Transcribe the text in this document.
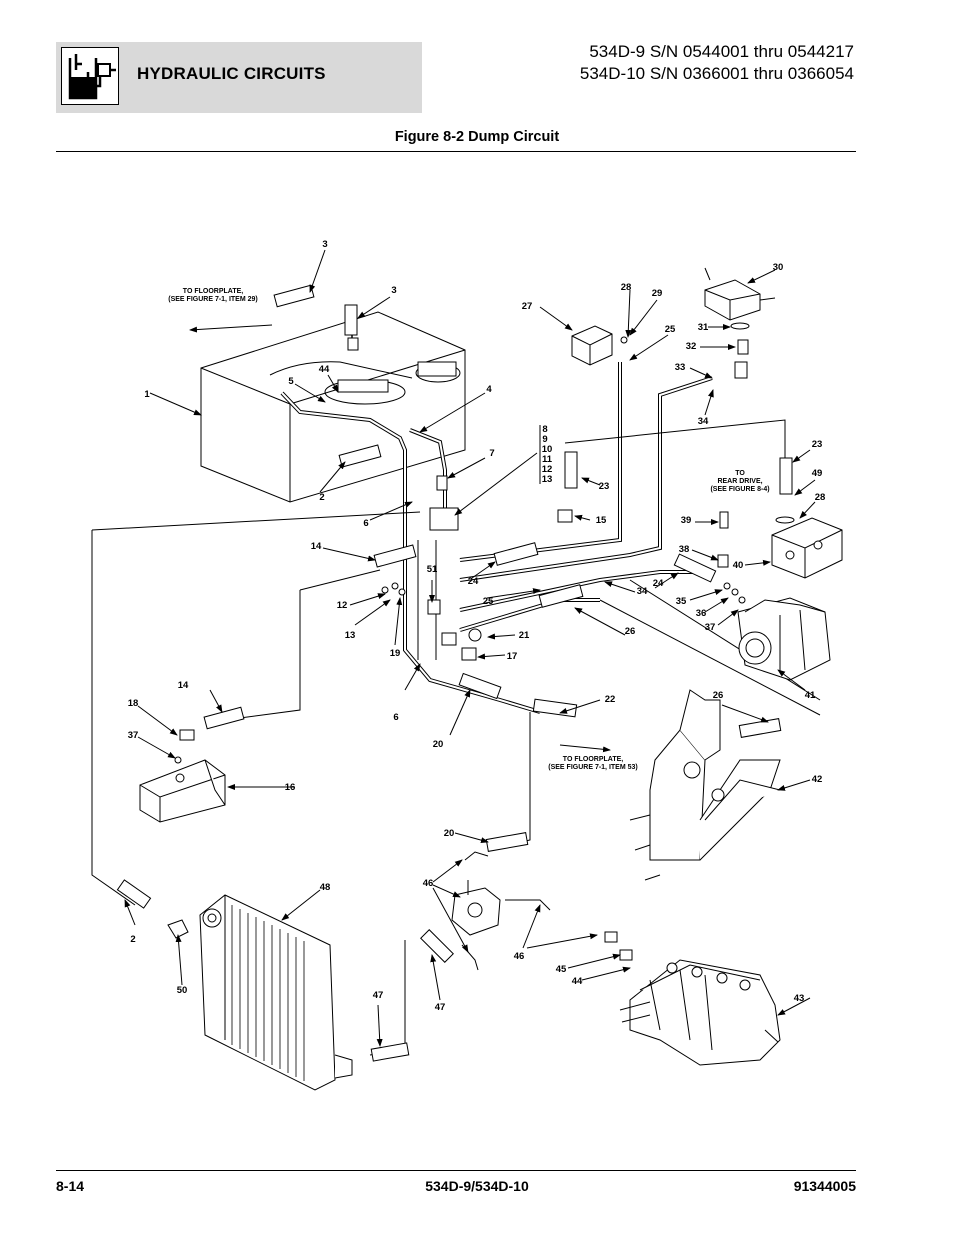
HYDRAULIC CIRCUITS
534D-9 S/N 0544001 thru 0544217
534D-10 S/N 0366001 thru 0366054
Figure 8-2 Dump Circuit
TO FLOORPLATE,
(SEE FIGURE 7-1, ITEM 29)
TO FLOORPLATE,
(SEE FIGURE 7-1, ITEM 53)
TO
REAR DRIVE,
(SEE FIGURE 8-4)
1
2
2
3
3
4
5
6
6
7
8
9
10
11
12
13
12
13
14
14
15
16
17
18
19
20
20
21
22
23
23
24	24
25
25
26
26
27
28
28
29
30
31
32
33
34
34
35
36
37
37
38
39
40
41
42
43
44
44
45
46
46
47
47
48
49
50
51
8-14	534D-9/534D-10	91344005
